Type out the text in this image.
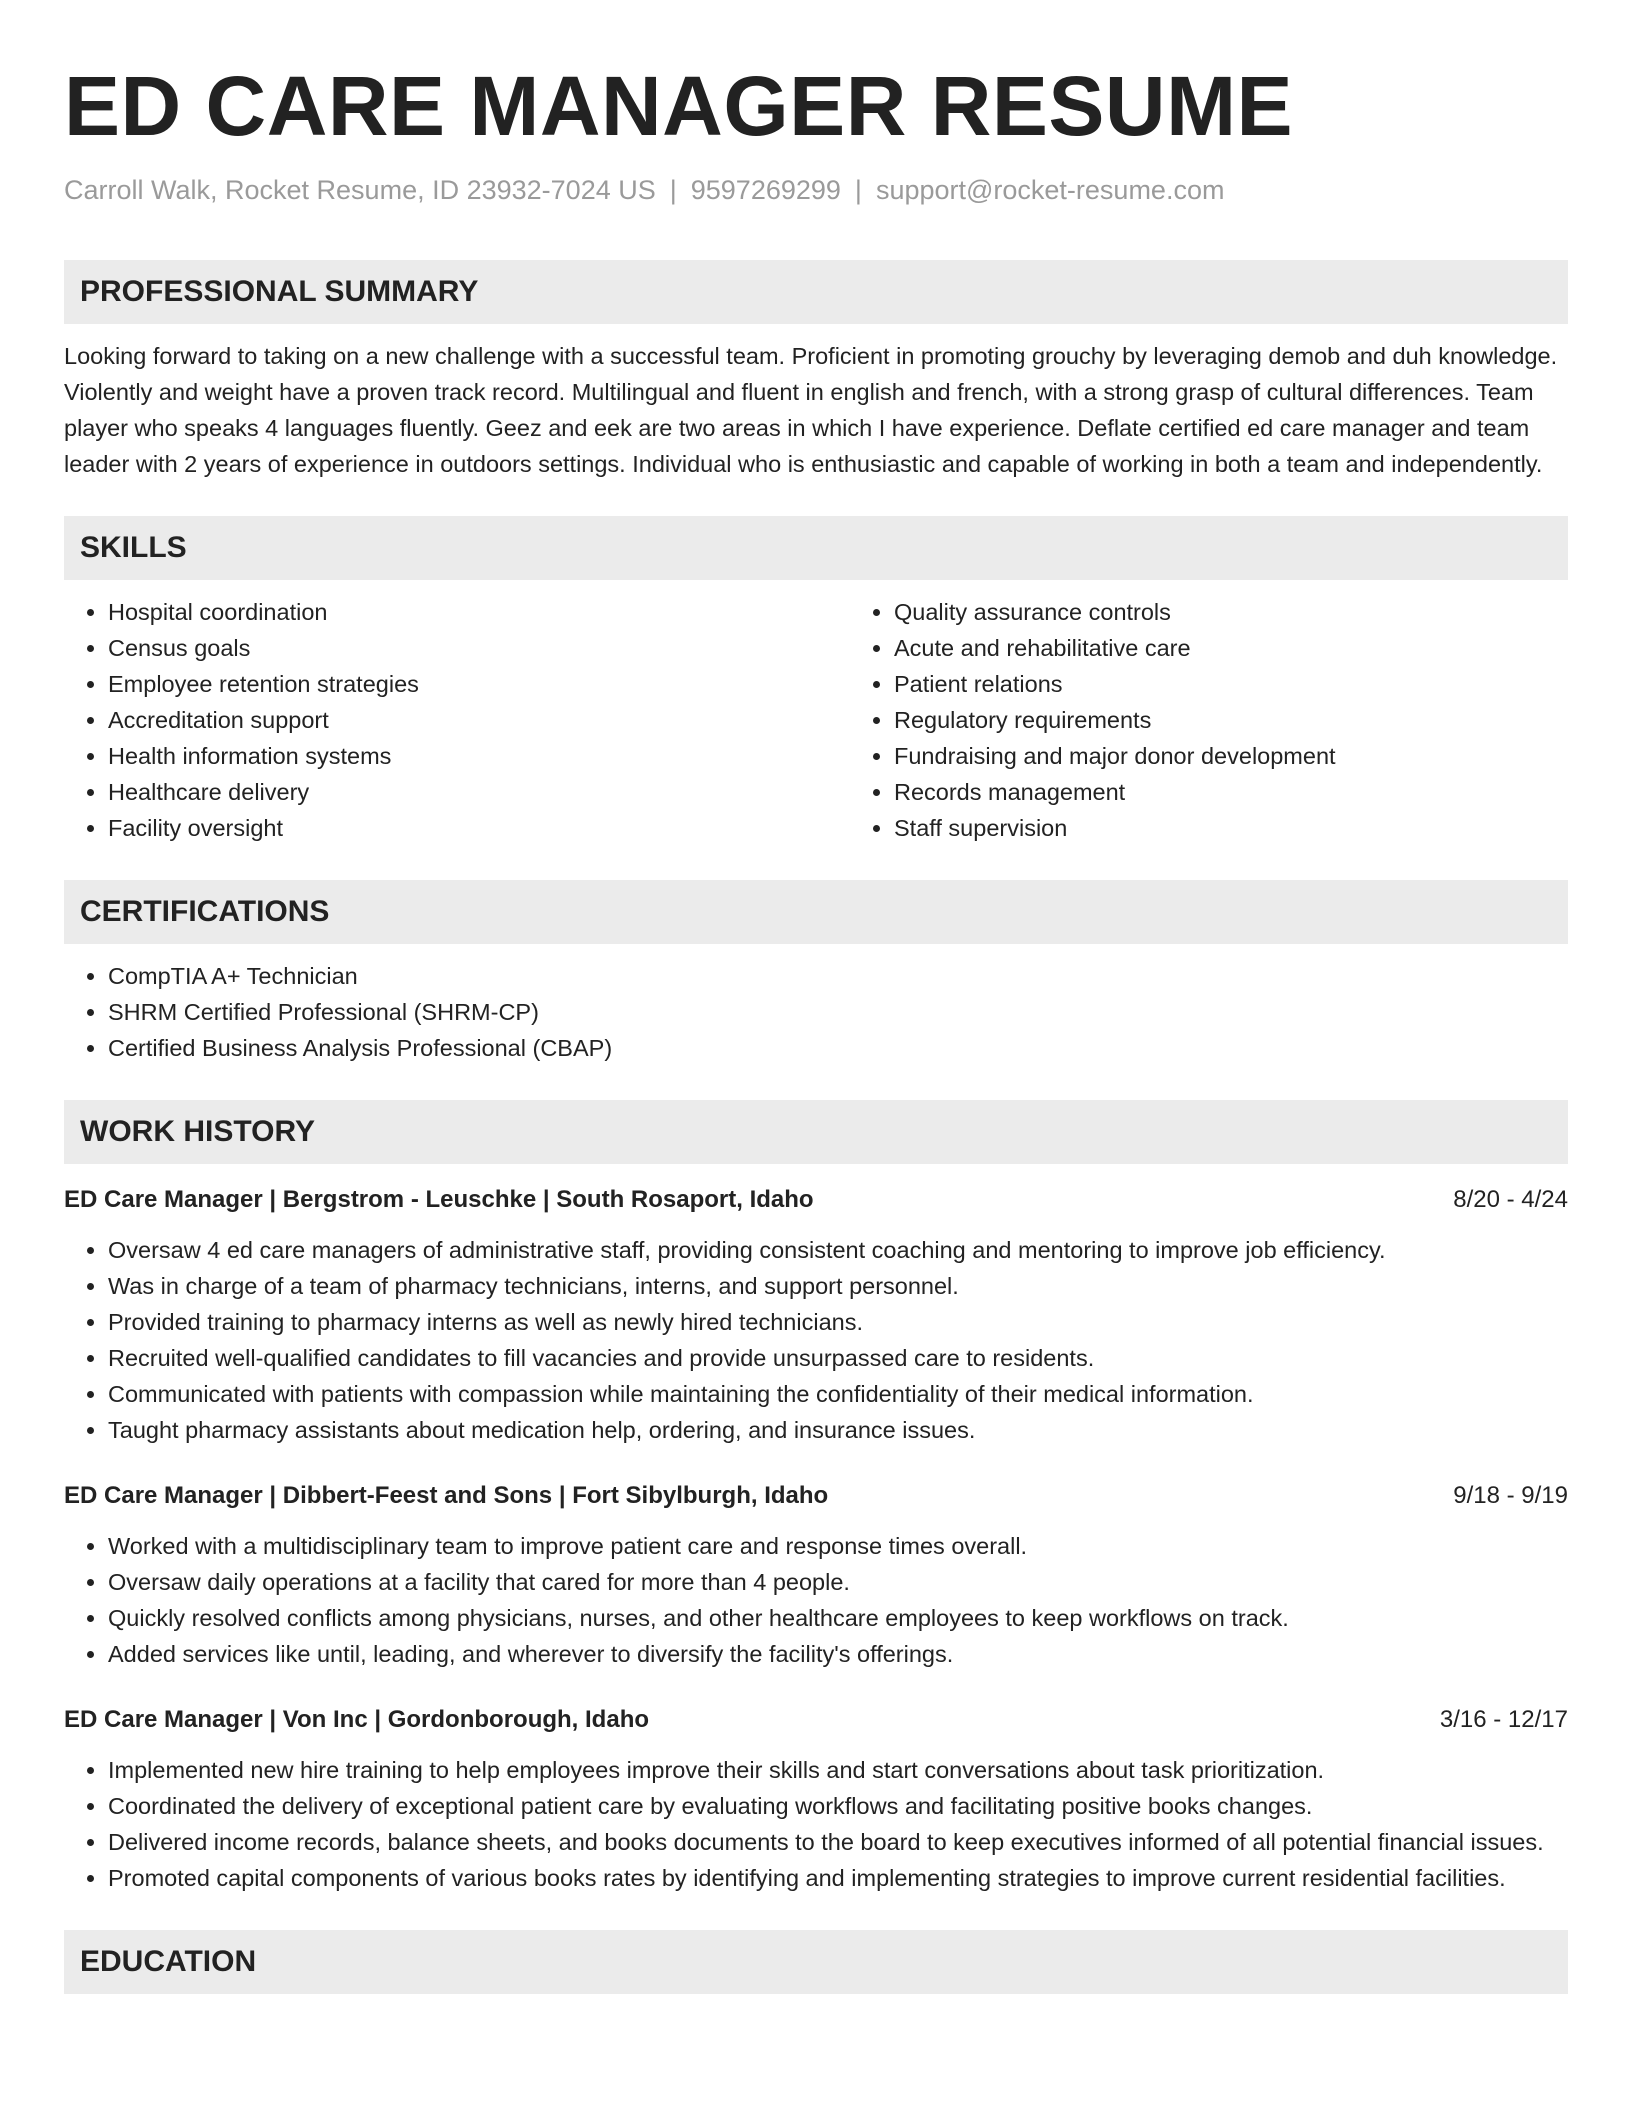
ED CARE MANAGER RESUME
Carroll Walk, Rocket Resume, ID 23932-7024 US | 9597269299 | support@rocket-resume.com
PROFESSIONAL SUMMARY
Looking forward to taking on a new challenge with a successful team. Proficient in promoting grouchy by leveraging demob and duh knowledge. Violently and weight have a proven track record. Multilingual and fluent in english and french, with a strong grasp of cultural differences. Team player who speaks 4 languages fluently. Geez and eek are two areas in which I have experience. Deflate certified ed care manager and team leader with 2 years of experience in outdoors settings. Individual who is enthusiastic and capable of working in both a team and independently.
SKILLS
• Hospital coordination
• Census goals
• Employee retention strategies
• Accreditation support
• Health information systems
• Healthcare delivery
• Facility oversight
• Quality assurance controls
• Acute and rehabilitative care
• Patient relations
• Regulatory requirements
• Fundraising and major donor development
• Records management
• Staff supervision
CERTIFICATIONS
• CompTIA A+ Technician
• SHRM Certified Professional (SHRM-CP)
• Certified Business Analysis Professional (CBAP)
WORK HISTORY
ED Care Manager | Bergstrom - Leuschke | South Rosaport, Idaho	8/20 - 4/24
• Oversaw 4 ed care managers of administrative staff, providing consistent coaching and mentoring to improve job efficiency.
• Was in charge of a team of pharmacy technicians, interns, and support personnel.
• Provided training to pharmacy interns as well as newly hired technicians.
• Recruited well-qualified candidates to fill vacancies and provide unsurpassed care to residents.
• Communicated with patients with compassion while maintaining the confidentiality of their medical information.
• Taught pharmacy assistants about medication help, ordering, and insurance issues.
ED Care Manager | Dibbert-Feest and Sons | Fort Sibylburgh, Idaho	9/18 - 9/19
• Worked with a multidisciplinary team to improve patient care and response times overall.
• Oversaw daily operations at a facility that cared for more than 4 people.
• Quickly resolved conflicts among physicians, nurses, and other healthcare employees to keep workflows on track.
• Added services like until, leading, and wherever to diversify the facility's offerings.
ED Care Manager | Von Inc | Gordonborough, Idaho	3/16 - 12/17
• Implemented new hire training to help employees improve their skills and start conversations about task prioritization.
• Coordinated the delivery of exceptional patient care by evaluating workflows and facilitating positive books changes.
• Delivered income records, balance sheets, and books documents to the board to keep executives informed of all potential financial issues.
• Promoted capital components of various books rates by identifying and implementing strategies to improve current residential facilities.
EDUCATION
